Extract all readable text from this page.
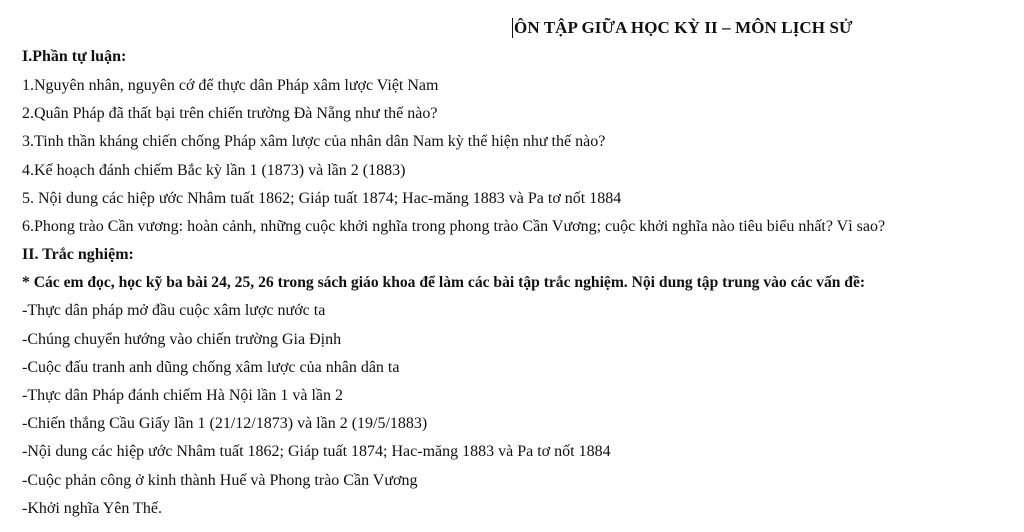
ÔN TẬP GIỮA HỌC KỲ II – MÔN LỊCH SỬ
I.Phần tự luận:
1.Nguyên nhân, nguyên cớ để thực dân Pháp xâm lược Việt Nam
2.Quân Pháp đã thất bại trên chiến trường Đà Nẵng như thế nào?
3.Tinh thần kháng chiến chống Pháp xâm lược của nhân dân Nam kỳ thể hiện như thế nào?
4.Kế hoạch đánh chiếm Bắc kỳ lần 1 (1873) và lần 2 (1883)
5. Nội dung các hiệp ước Nhâm tuất 1862; Giáp tuất 1874; Hac-măng 1883 và Pa tơ nốt 1884
6.Phong trào Cần vương: hoàn cảnh, những cuộc khởi nghĩa trong phong trào Cần Vương; cuộc khởi nghĩa nào tiêu biểu nhất? Vì sao?
II. Trắc nghiệm:
* Các em đọc, học kỹ ba bài 24, 25, 26 trong sách giáo khoa để làm các bài tập trắc nghiệm. Nội dung tập trung vào các vấn đề:
-Thực dân pháp mở đầu cuộc xâm lược nước ta
-Chúng chuyển hướng vào chiến trường Gia Định
-Cuộc đấu tranh anh dũng chống xâm lược của nhân dân ta
-Thực dân Pháp đánh chiếm Hà Nội lần 1 và lần 2
-Chiến thắng Cầu Giấy lần 1 (21/12/1873) và lần 2 (19/5/1883)
-Nội dung các hiệp ước Nhâm tuất 1862; Giáp tuất 1874; Hac-măng 1883 và Pa tơ nốt 1884
-Cuộc phản công ở kinh thành Huế và Phong trào Cần Vương
-Khởi nghĩa Yên Thế.
